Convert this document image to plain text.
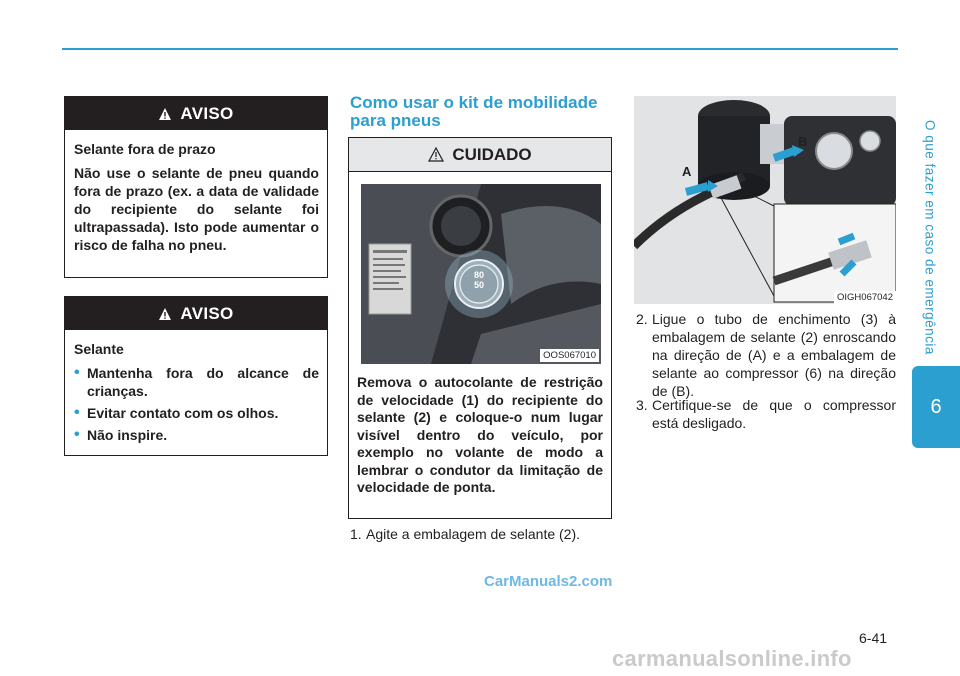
O que fazer em caso de emergência
6
AVISO

Selante fora de prazo

Não use o selante de pneu quando fora de prazo (ex. a data de validade do recipiente do selante foi ultrapassada). Isto pode aumentar o risco de falha no pneu.

AVISO

Selante

• Mantenha fora do alcance de crianças.
• Evitar contato com os olhos.
• Não inspire.
Como usar o kit de mobilidade para pneus
CUIDADO
80
50
OOS067010
Remova o autocolante de restrição de velocidade (1) do recipiente do selante (2) e coloque-o num lugar visível dentro do veículo, por exemplo no volante de modo a lembrar o condutor da limitação de velocidade de ponta.
1. Agite a embalagem de selante (2).
A
B
OIGH067042
2. Ligue o tubo de enchimento (3) à embalagem de selante (2) enroscando na direção de (A) e a embalagem de selante ao compressor (6) na direção de (B).
3. Certifique-se de que o compressor está desligado.
CarManuals2.com
6-41
carmanualsonline.info
